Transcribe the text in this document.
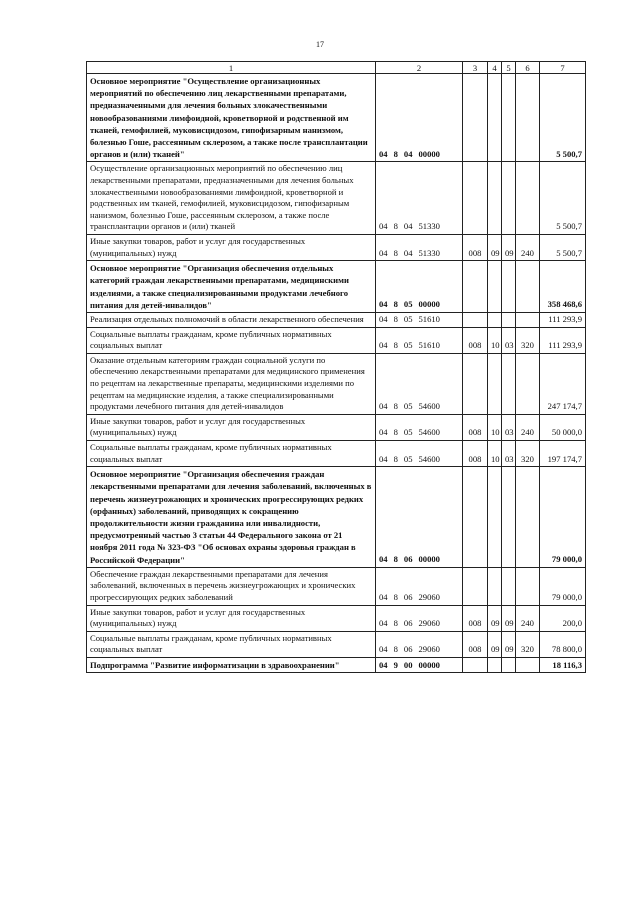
17
1	2	3	4	5	6	7
Основное мероприятие "Осуществление организационных мероприятий по обеспечению лиц лекарственными препаратами, предназначенными для лечения больных злокачественными новообразованиями лимфоидной, кроветворной и родственной им тканей, гемофилией, муковисцидозом, гипофизарным нанизмом, болезнью Гоше, рассеянным склерозом, а также после трансплантации органов и (или) тканей"	04 8 04 00000					5 500,7
Осуществление организационных мероприятий по обеспечению лиц лекарственными препаратами, предназначенными для лечения больных злокачественными новообразованиями лимфоидной, кроветворной и родственных им тканей, гемофилией, муковисцидозом, гипофизарным нанизмом, болезнью Гоше, рассеянным склерозом, а также после трансплантации органов и (или) тканей	04 8 04 51330					5 500,7
Иные закупки товаров, работ и услуг для государственных (муниципальных) нужд	04 8 04 51330	008	09	09	240	5 500,7
Основное мероприятие "Организация обеспечения отдельных категорий граждан лекарственными препаратами, медицинскими изделиями, а также специализированными продуктами лечебного питания для детей-инвалидов"	04 8 05 00000					358 468,6
Реализация отдельных полномочий в области лекарственного обеспечения	04 8 05 51610					111 293,9
Социальные выплаты гражданам, кроме публичных нормативных социальных выплат	04 8 05 51610	008	10	03	320	111 293,9
Оказание отдельным категориям граждан социальной услуги по обеспечению лекарственными препаратами для медицинского применения по рецептам на лекарственные препараты, медицинскими изделиями по рецептам на медицинские изделия, а также специализированными продуктами лечебного питания для детей-инвалидов	04 8 05 54600					247 174,7
Иные закупки товаров, работ и услуг для государственных (муниципальных) нужд	04 8 05 54600	008	10	03	240	50 000,0
Социальные выплаты гражданам, кроме публичных нормативных социальных выплат	04 8 05 54600	008	10	03	320	197 174,7
Основное мероприятие "Организация обеспечения граждан лекарственными препаратами для лечения заболеваний, включенных в перечень жизнеугрожающих и хронических прогрессирующих редких (орфанных) заболеваний, приводящих к сокращению продолжительности жизни гражданина или инвалидности, предусмотренный частью 3 статьи 44 Федерального закона от 21 ноября 2011 года № 323-ФЗ "Об основах охраны здоровья граждан в Российской Федерации"	04 8 06 00000					79 000,0
Обеспечение граждан лекарственными препаратами для лечения заболеваний, включенных в перечень жизнеугрожающих и хронических прогрессирующих редких заболеваний	04 8 06 29060					79 000,0
Иные закупки товаров, работ и услуг для государственных (муниципальных) нужд	04 8 06 29060	008	09	09	240	200,0
Социальные выплаты гражданам, кроме публичных нормативных социальных выплат	04 8 06 29060	008	09	09	320	78 800,0
Подпрограмма "Развитие информатизации в здравоохранении"	04 9 00 00000					18 116,3
